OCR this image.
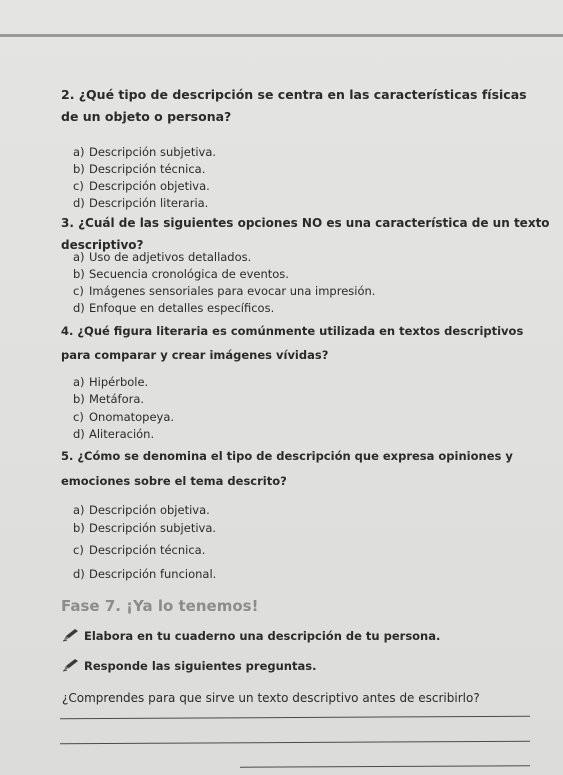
2. ¿Qué tipo de descripción se centra en las características físicas de un objeto o persona?
a) Descripción subjetiva.
b) Descripción técnica.
c) Descripción objetiva.
d) Descripción literaria.
3. ¿Cuál de las siguientes opciones NO es una característica de un texto descriptivo?
a) Uso de adjetivos detallados.
b) Secuencia cronológica de eventos.
c) Imágenes sensoriales para evocar una impresión.
d) Enfoque en detalles específicos.
4. ¿Qué figura literaria es comúnmente utilizada en textos descriptivos para comparar y crear imágenes vívidas?
a) Hipérbole.
b) Metáfora.
c) Onomatopeya.
d) Aliteración.
5. ¿Cómo se denomina el tipo de descripción que expresa opiniones y emociones sobre el tema descrito?
a) Descripción objetiva.
b) Descripción subjetiva.
c) Descripción técnica.
d) Descripción funcional.
Fase 7. ¡Ya lo tenemos!
Elabora en tu cuaderno una descripción de tu persona.
Responde las siguientes preguntas.
¿Comprendes para que sirve un texto descriptivo antes de escribirlo?
